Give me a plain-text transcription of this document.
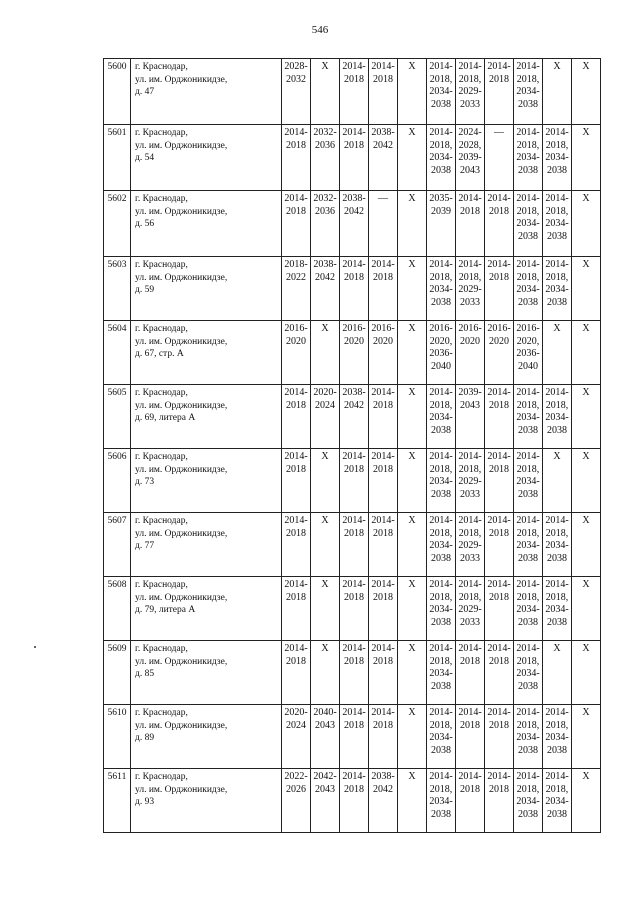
546
5600	г. Краснодар,
ул. им. Орджоникидзе,
д. 47	2028-
2032	X	2014-
2018	2014-
2018	X	2014-
2018,
2034-
2038	2014-
2018,
2029-
2033	2014-
2018	2014-
2018,
2034-
2038	X	X

5601	г. Краснодар,
ул. им. Орджоникидзе,
д. 54	2014-
2018	2032-
2036	2014-
2018	2038-
2042	X	2014-
2018,
2034-
2038	2024-
2028,
2039-
2043	—	2014-
2018,
2034-
2038	2014-
2018,
2034-
2038	X

5602	г. Краснодар,
ул. им. Орджоникидзе,
д. 56	2014-
2018	2032-
2036	2038-
2042	—	X	2035-
2039	2014-
2018	2014-
2018	2014-
2018,
2034-
2038	2014-
2018,
2034-
2038	X

5603	г. Краснодар,
ул. им. Орджоникидзе,
д. 59	2018-
2022	2038-
2042	2014-
2018	2014-
2018	X	2014-
2018,
2034-
2038	2014-
2018,
2029-
2033	2014-
2018	2014-
2018,
2034-
2038	2014-
2018,
2034-
2038	X

5604	г. Краснодар,
ул. им. Орджоникидзе,
д. 67, стр. А	2016-
2020	X	2016-
2020	2016-
2020	X	2016-
2020,
2036-
2040	2016-
2020	2016-
2020	2016-
2020,
2036-
2040	X	X

5605	г. Краснодар,
ул. им. Орджоникидзе,
д. 69, литера А	2014-
2018	2020-
2024	2038-
2042	2014-
2018	X	2014-
2018,
2034-
2038	2039-
2043	2014-
2018	2014-
2018,
2034-
2038	2014-
2018,
2034-
2038	X

5606	г. Краснодар,
ул. им. Орджоникидзе,
д. 73	2014-
2018	X	2014-
2018	2014-
2018	X	2014-
2018,
2034-
2038	2014-
2018,
2029-
2033	2014-
2018	2014-
2018,
2034-
2038	X	X

5607	г. Краснодар,
ул. им. Орджоникидзе,
д. 77	2014-
2018	X	2014-
2018	2014-
2018	X	2014-
2018,
2034-
2038	2014-
2018,
2029-
2033	2014-
2018	2014-
2018,
2034-
2038	2014-
2018,
2034-
2038	X

5608	г. Краснодар,
ул. им. Орджоникидзе,
д. 79, литера А	2014-
2018	X	2014-
2018	2014-
2018	X	2014-
2018,
2034-
2038	2014-
2018,
2029-
2033	2014-
2018	2014-
2018,
2034-
2038	2014-
2018,
2034-
2038	X

5609	г. Краснодар,
ул. им. Орджоникидзе,
д. 85	2014-
2018	X	2014-
2018	2014-
2018	X	2014-
2018,
2034-
2038	2014-
2018	2014-
2018	2014-
2018,
2034-
2038	X	X

5610	г. Краснодар,
ул. им. Орджоникидзе,
д. 89	2020-
2024	2040-
2043	2014-
2018	2014-
2018	X	2014-
2018,
2034-
2038	2014-
2018	2014-
2018	2014-
2018,
2034-
2038	2014-
2018,
2034-
2038	X

5611	г. Краснодар,
ул. им. Орджоникидзе,
д. 93	2022-
2026	2042-
2043	2014-
2018	2038-
2042	X	2014-
2018,
2034-
2038	2014-
2018	2014-
2018	2014-
2018,
2034-
2038	2014-
2018,
2034-
2038	X
